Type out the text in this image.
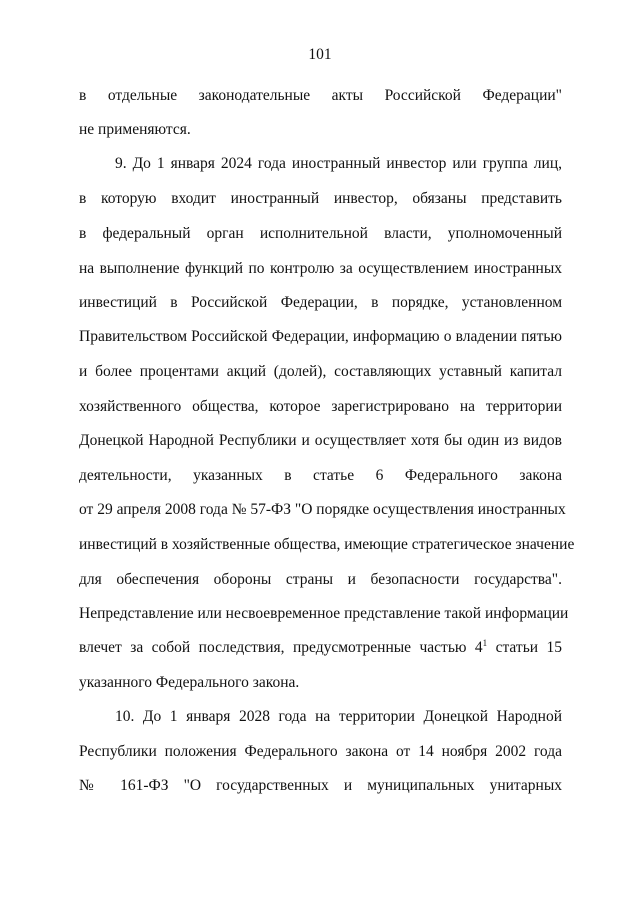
101
в отдельные законодательные акты Российской Федерации"
не применяются.
9. До 1 января 2024 года иностранный инвестор или группа лиц,
в которую входит иностранный инвестор, обязаны представить
в федеральный орган исполнительной власти, уполномоченный
на выполнение функций по контролю за осуществлением иностранных
инвестиций в Российской Федерации, в порядке, установленном
Правительством Российской Федерации, информацию о владении пятью
и более процентами акций (долей), составляющих уставный капитал
хозяйственного общества, которое зарегистрировано на территории
Донецкой Народной Республики и осуществляет хотя бы один из видов
деятельности, указанных в статье 6 Федерального закона
от 29 апреля 2008 года № 57-ФЗ "О порядке осуществления иностранных
инвестиций в хозяйственные общества, имеющие стратегическое значение
для обеспечения обороны страны и безопасности государства".
Непредставление или несвоевременное представление такой информации
влечет за собой последствия, предусмотренные частью $4^1$ статьи 15
указанного Федерального закона.
10. До 1 января 2028 года на территории Донецкой Народной
Республики положения Федерального закона от 14 ноября 2002 года
№ 161-ФЗ "О государственных и муниципальных унитарных
